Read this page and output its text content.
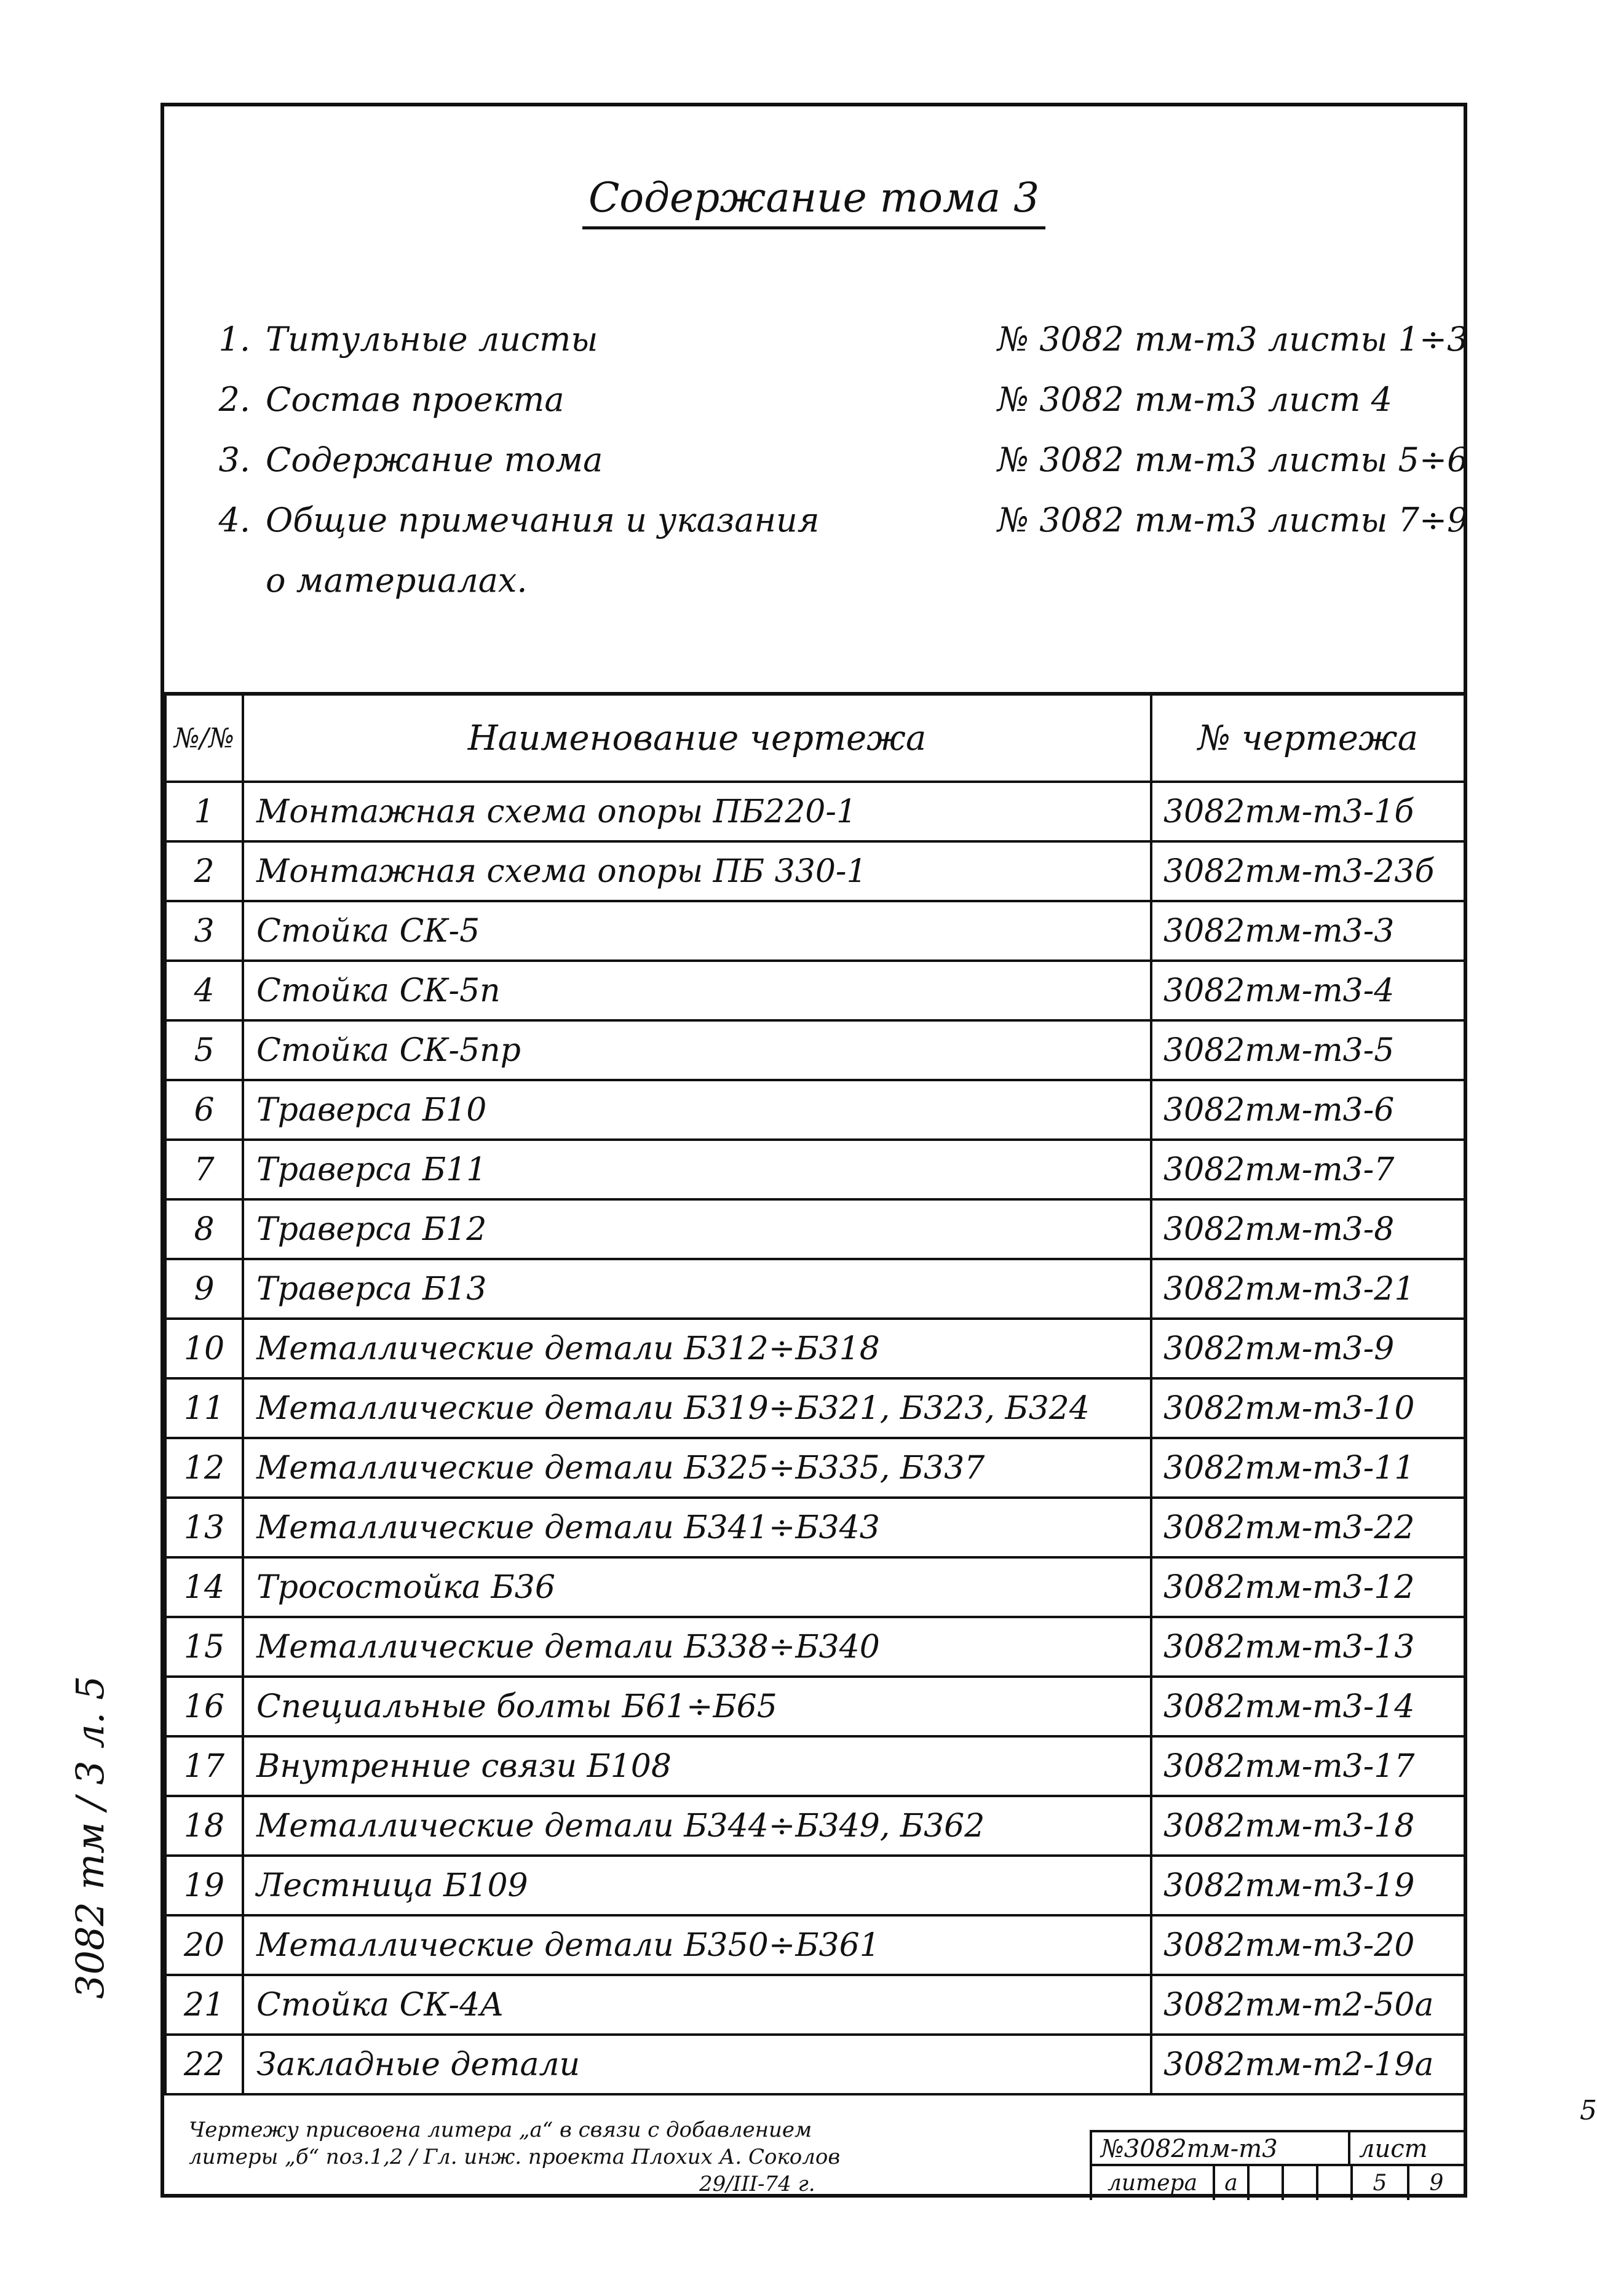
Содержание тома 3
1. Титульные листы	№ 3082 тм-т3 листы 1÷3
2. Состав проекта	№ 3082 тм-т3 лист 4
3. Содержание тома	№ 3082 тм-т3 листы 5÷6
4. Общие примечания и указания	№ 3082 тм-т3 листы 7÷9
о материалах.
№/№	Наименование чертежа	№ чертежа
1	Монтажная схема опоры ПБ220-1	3082тм-т3-1б
2	Монтажная схема опоры ПБ 330-1	3082тм-т3-23б
3	Стойка СК-5	3082тм-т3-3
4	Стойка СК-5п	3082тм-т3-4
5	Стойка СК-5пр	3082тм-т3-5
6	Траверса Б10	3082тм-т3-6
7	Траверса Б11	3082тм-т3-7
8	Траверса Б12	3082тм-т3-8
9	Траверса Б13	3082тм-т3-21
10	Металлические детали Б312÷Б318	3082тм-т3-9
11	Металлические детали Б319÷Б321, Б323, Б324	3082тм-т3-10
12	Металлические детали Б325÷Б335, Б337	3082тм-т3-11
13	Металлические детали Б341÷Б343	3082тм-т3-22
14	Тросостойка Б36	3082тм-т3-12
15	Металлические детали Б338÷Б340	3082тм-т3-13
16	Специальные болты Б61÷Б65	3082тм-т3-14
17	Внутренние связи Б108	3082тм-т3-17
18	Металлические детали Б344÷Б349, Б362	3082тм-т3-18
19	Лестница Б109	3082тм-т3-19
20	Металлические детали Б350÷Б361	3082тм-т3-20
21	Стойка СК-4А	3082тм-т2-50а
22	Закладные детали	3082тм-т2-19а
5
Чертежу присвоена литера „а“ в связи с добавлением
литеры „б“ поз.1,2 / Гл. инж. проекта Плохих А. Соколов
29/III-74 г.
№3082тм-т3	лист
литера	а	5	9
3082 тм / 3 л. 5
